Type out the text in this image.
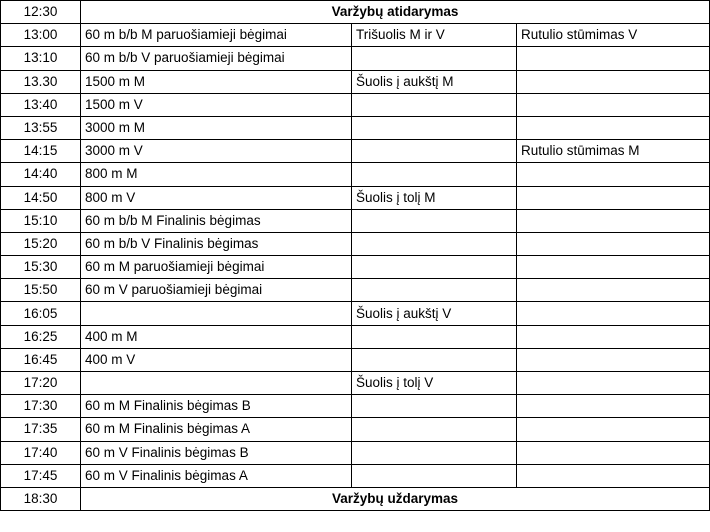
12:30	Varžybų atidarymas		
13:00	60 m b/b M paruošiamieji bėgimai	Trišuolis M ir V	Rutulio stūmimas V
13:10	60 m b/b V paruošiamieji bėgimai		
13.30	1500 m M	Šuolis į aukštį M	
13:40	1500 m V		
13:55	3000 m M		
14:15	3000 m V		Rutulio stūmimas M
14:40	800 m M		
14:50	800 m V	Šuolis į tolį M	
15:10	60 m b/b M Finalinis bėgimas		
15:20	60 m b/b V Finalinis bėgimas		
15:30	60 m M paruošiamieji bėgimai		
15:50	60 m V paruošiamieji bėgimai		
16:05		Šuolis į aukštį V	
16:25	400 m M		
16:45	400 m V		
17:20		Šuolis į tolį V	
17:30	60 m M Finalinis bėgimas B		
17:35	60 m M Finalinis bėgimas A		
17:40	60 m V Finalinis bėgimas B		
17:45	60 m V Finalinis bėgimas A		
18:30	Varžybų uždarymas		
